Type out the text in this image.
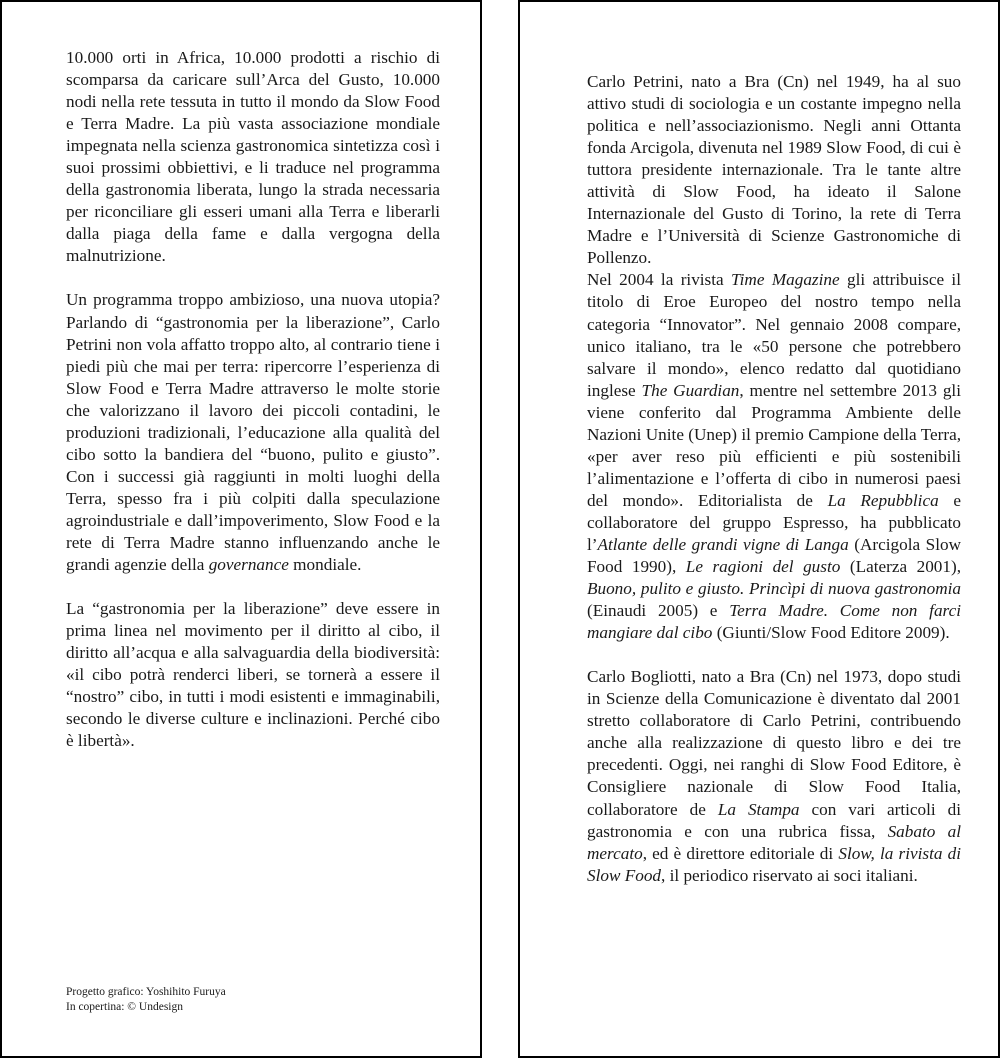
10.000 orti in Africa, 10.000 prodotti a rischio di scomparsa da caricare sull’Arca del Gusto, 10.000 nodi nella rete tessuta in tutto il mondo da Slow Food e Terra Madre. La più vasta associazione mondiale impegnata nella scienza gastronomica sintetizza così i suoi prossimi obbiettivi, e li traduce nel programma della gastronomia liberata, lungo la strada necessaria per riconciliare gli esseri umani alla Terra e liberarli dalla piaga della fame e dalla vergogna della malnutrizione.

Un programma troppo ambizioso, una nuova utopia? Parlando di “gastronomia per la liberazione”, Carlo Petrini non vola affatto troppo alto, al contrario tiene i piedi più che mai per terra: ripercorre l’esperienza di Slow Food e Terra Madre attraverso le molte storie che valorizzano il lavoro dei piccoli contadini, le produzioni tradizionali, l’educazione alla qualità del cibo sotto la bandiera del “buono, pulito e giusto”. Con i successi già raggiunti in molti luoghi della Terra, spesso fra i più colpiti dalla speculazione agroindustriale e dall’impoverimento, Slow Food e la rete di Terra Madre stanno influenzando anche le grandi agenzie della governance mondiale.

La “gastronomia per la liberazione” deve essere in prima linea nel movimento per il diritto al cibo, il diritto all’acqua e alla salvaguardia della biodiversità: «il cibo potrà renderci liberi, se tornerà a essere il “nostro” cibo, in tutti i modi esistenti e immaginabili, secondo le diverse culture e inclinazioni. Perché cibo è libertà».

Progetto grafico: Yoshihito Furuya
In copertina: © Undesign

Carlo Petrini, nato a Bra (Cn) nel 1949, ha al suo attivo studi di sociologia e un costante impegno nella politica e nell’associazionismo. Negli anni Ottanta fonda Arcigola, divenuta nel 1989 Slow Food, di cui è tuttora presidente internazionale. Tra le tante altre attività di Slow Food, ha ideato il Salone Internazionale del Gusto di Torino, la rete di Terra Madre e l’Università di Scienze Gastronomiche di Pollenzo.

Nel 2004 la rivista Time Magazine gli attribuisce il titolo di Eroe Europeo del nostro tempo nella categoria “Innovator”. Nel gennaio 2008 compare, unico italiano, tra le «50 persone che potrebbero salvare il mondo», elenco redatto dal quotidiano inglese The Guardian, mentre nel settembre 2013 gli viene conferito dal Programma Ambiente delle Nazioni Unite (Unep) il premio Campione della Terra, «per aver reso più efficienti e più sostenibili l’alimentazione e l’offerta di cibo in numerosi paesi del mondo». Editorialista de La Repubblica e collaboratore del gruppo Espresso, ha pubblicato l’Atlante delle grandi vigne di Langa (Arcigola Slow Food 1990), Le ragioni del gusto (Laterza 2001), Buono, pulito e giusto. Princìpi di nuova gastronomia (Einaudi 2005) e Terra Madre. Come non farci mangiare dal cibo (Giunti/Slow Food Editore 2009).

Carlo Bogliotti, nato a Bra (Cn) nel 1973, dopo studi in Scienze della Comunicazione è diventato dal 2001 stretto collaboratore di Carlo Petrini, contribuendo anche alla realizzazione di questo libro e dei tre precedenti. Oggi, nei ranghi di Slow Food Editore, è Consigliere nazionale di Slow Food Italia, collaboratore de La Stampa con vari articoli di gastronomia e con una rubrica fissa, Sabato al mercato, ed è direttore editoriale di Slow, la rivista di Slow Food, il periodico riservato ai soci italiani.
